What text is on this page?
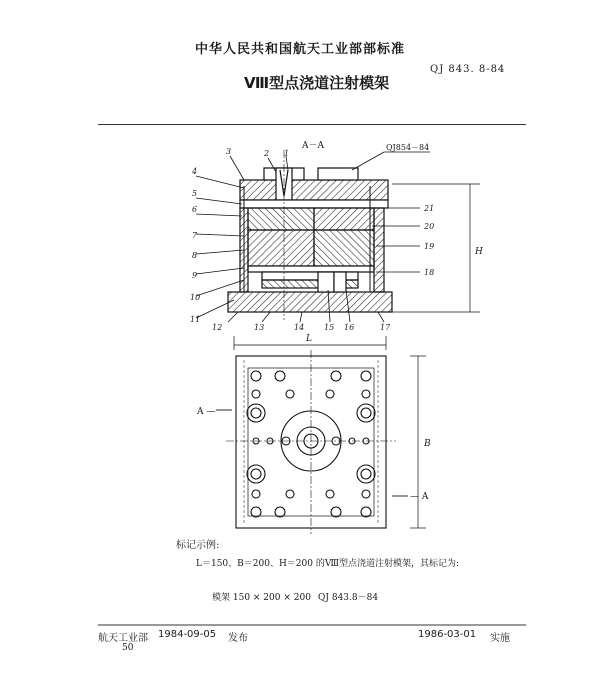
中华人民共和国航天工业部部标准
Ⅷ型点浇道注射模架
QJ 843. 8-84
A－A	QJ854－84
A —
— A
H
L
B
4
5
6
7
8
9
10
11
3	2 1
21
20
19
18
12	13	14 15 16	17
标记示例:
L＝150、B＝200、H＝200 的Ⅷ型点浇道注射模架，其标记为:
模架 150 × 200 × 200 QJ 843.8－84
航天工业部 1984-09-05 发布
50
1986-03-01 实施
